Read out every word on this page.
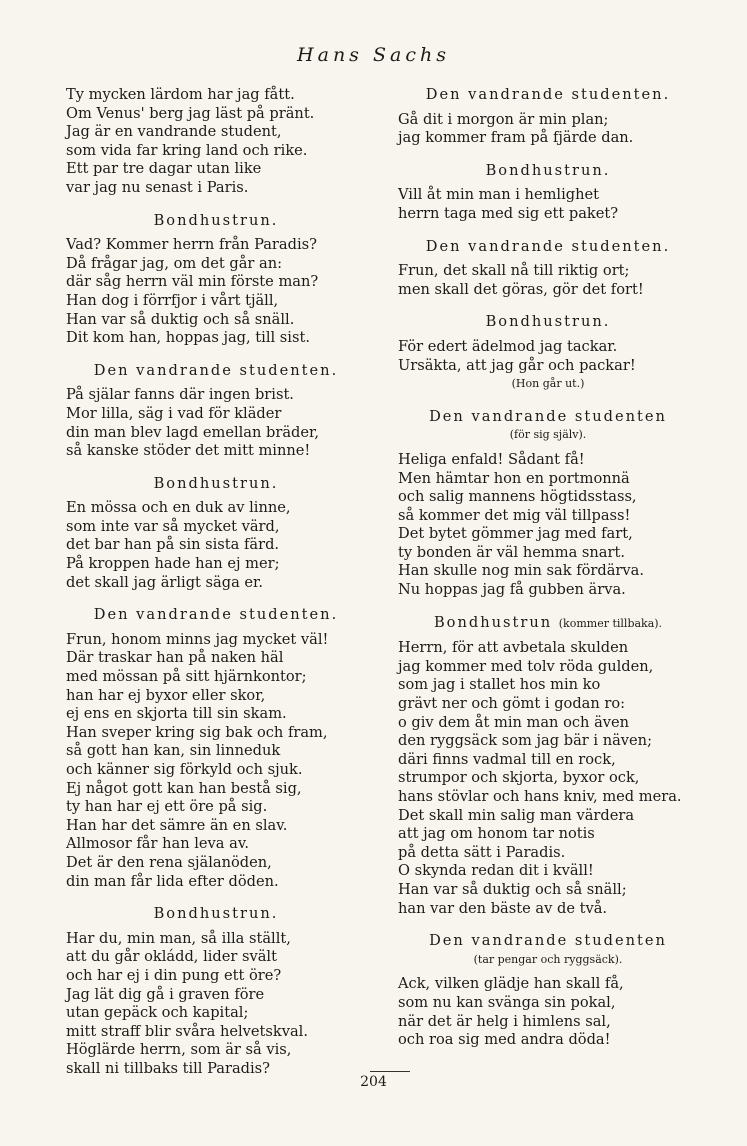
Hans Sachs
Ty mycken lärdom har jag fått.
Om Venus' berg jag läst på pränt.
Jag är en vandrande student,
som vida far kring land och rike.
Ett par tre dagar utan like
var jag nu senast i Paris.
Bondhustrun.
Vad? Kommer herrn från Paradis?
Då frågar jag, om det går an:
där såg herrn väl min förste man?
Han dog i förrfjor i vårt tjäll,
Han var så duktig och så snäll.
Dit kom han, hoppas jag, till sist.
Den vandrande studenten.
På själar fanns där ingen brist.
Mor lilla, säg i vad för kläder
din man blev lagd emellan bräder,
så kanske stöder det mitt minne!
Bondhustrun.
En mössa och en duk av linne,
som inte var så mycket värd,
det bar han på sin sista färd.
På kroppen hade han ej mer;
det skall jag ärligt säga er.
Den vandrande studenten.
Frun, honom minns jag mycket väl!
Där traskar han på naken häl
med mössan på sitt hjärnkontor;
han har ej byxor eller skor,
ej ens en skjorta till sin skam.
Han sveper kring sig bak och fram,
så gott han kan, sin linneduk
och känner sig förkyld och sjuk.
Ej något gott kan han bestå sig,
ty han har ej ett öre på sig.
Han har det sämre än en slav.
Allmosor får han leva av.
Det är den rena själanöden,
din man får lida efter döden.
Bondhustrun.
Har du, min man, så illa ställt,
att du går okládd, lider svält
och har ej i din pung ett öre?
Jag lät dig gå i graven före
utan gepäck och kapital;
mitt straff blir svåra helvetskval.
Höglärde herrn, som är så vis,
skall ni tillbaks till Paradis?
Den vandrande studenten.
Gå dit i morgon är min plan;
jag kommer fram på fjärde dan.
Bondhustrun.
Vill åt min man i hemlighet
herrn taga med sig ett paket?
Den vandrande studenten.
Frun, det skall nå till riktig ort;
men skall det göras, gör det fort!
Bondhustrun.
För edert ädelmod jag tackar.
Ursäkta, att jag går och packar!
(Hon går ut.)
Den vandrande studenten
(för sig själv).
Heliga enfald! Sådant få!
Men hämtar hon en portmonnä
och salig mannens högtidsstass,
så kommer det mig väl tillpass!
Det bytet gömmer jag med fart,
ty bonden är väl hemma snart.
Han skulle nog min sak fördärva.
Nu hoppas jag få gubben ärva.
Bondhustrun (kommer tillbaka).
Herrn, för att avbetala skulden
jag kommer med tolv röda gulden,
som jag i stallet hos min ko
grävt ner och gömt i godan ro:
o giv dem åt min man och även
den ryggsäck som jag bär i näven;
däri finns vadmal till en rock,
strumpor och skjorta, byxor ock,
hans stövlar och hans kniv, med mera.
Det skall min salig man värdera
att jag om honom tar notis
på detta sätt i Paradis.
O skynda redan dit i kväll!
Han var så duktig och så snäll;
han var den bäste av de två.
Den vandrande studenten
(tar pengar och ryggsäck).
Ack, vilken glädje han skall få,
som nu kan svänga sin pokal,
när det är helg i himlens sal,
och roa sig med andra döda!
204
